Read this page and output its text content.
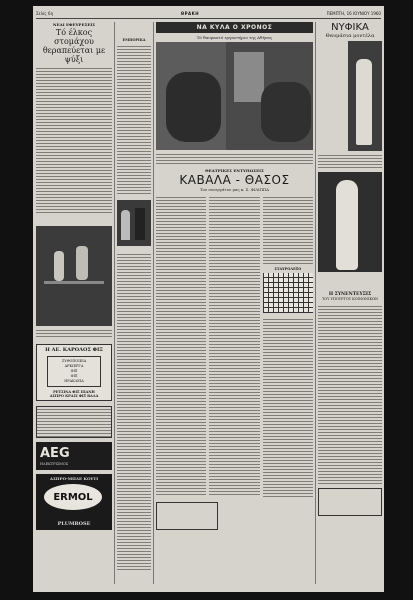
Σελίς 6η	ΘΡΑΚΗ	ΠΕΜΠΤΗ, 16 ΙΟΥΝΙΟΥ 1960
ΝΕΑΙ ΕΦΕΥΡΕΣΕΙΣ
Τό έλκος στομάχου θεραπεύεται με ψύξι
Η ΑΕ. ΚΑΡΟΛΟΣ ΦΙΞ
ΖΥΘΟΠΟΙΕΙΑ
ΑΡΚΙΕΡΓΑ
ΦΙΞ
ΦΙΞ
ΗΡΑΚΛΕΙΑ
ΡΕΤΣΙΝΑ ΦΙΞ ΠΙΑΝΗ
ΑΣΠΡΟ ΚΡΑΣΙ ΦΙΞ ΒΑΛΑ
AEG
ΗΛΕΚΤΡΙΣΜΟΣ
ΑΣΠΡΟ-ΜΠΛΕ ΚΟΥΤΙ
ERMOL
PLUMROSE
ΕΜΠΟΡΙΚΑ
ΝΑ ΚΥΛΑ Ο ΧΡΟΝΟΣ
Τό θαυμαστό εργαστήριο της Αθήνας
ΘΕΑΤΡΙΚΕΣ ΕΝΤΥΠΩΣΕΙΣ
ΚΑΒΑΛΑ - ΘΑΣΟΣ
Του συνεργάτου μας κ. Σ. ΦΙΛΙΠΠΑ
ΣΤΑΥΡΟΛΕΞΟ
ΝΥΦΙΚΑ
Θαυμάσια μοντέλα
Η ΣΥΝΕΝΤΕΥΞΙΣ
ΤΟΥ ΥΠΟΥΡΓΟΥ ΚΟΙΝΩΝΙΚΩΝ
